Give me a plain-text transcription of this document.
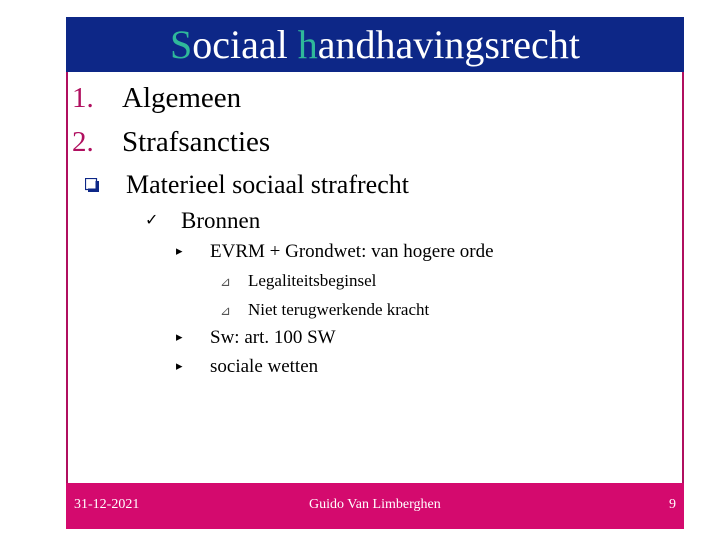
Sociaal handhavingsrecht
1. Algemeen
2. Strafsancties
Materieel sociaal strafrecht
✓ Bronnen
▸ EVRM + Grondwet: van hogere orde
⊿ Legaliteitsbeginsel
⊿ Niet terugwerkende kracht
▸ Sw: art. 100 SW
▸ sociale wetten
31-12-2021	Guido Van Limberghen	9
